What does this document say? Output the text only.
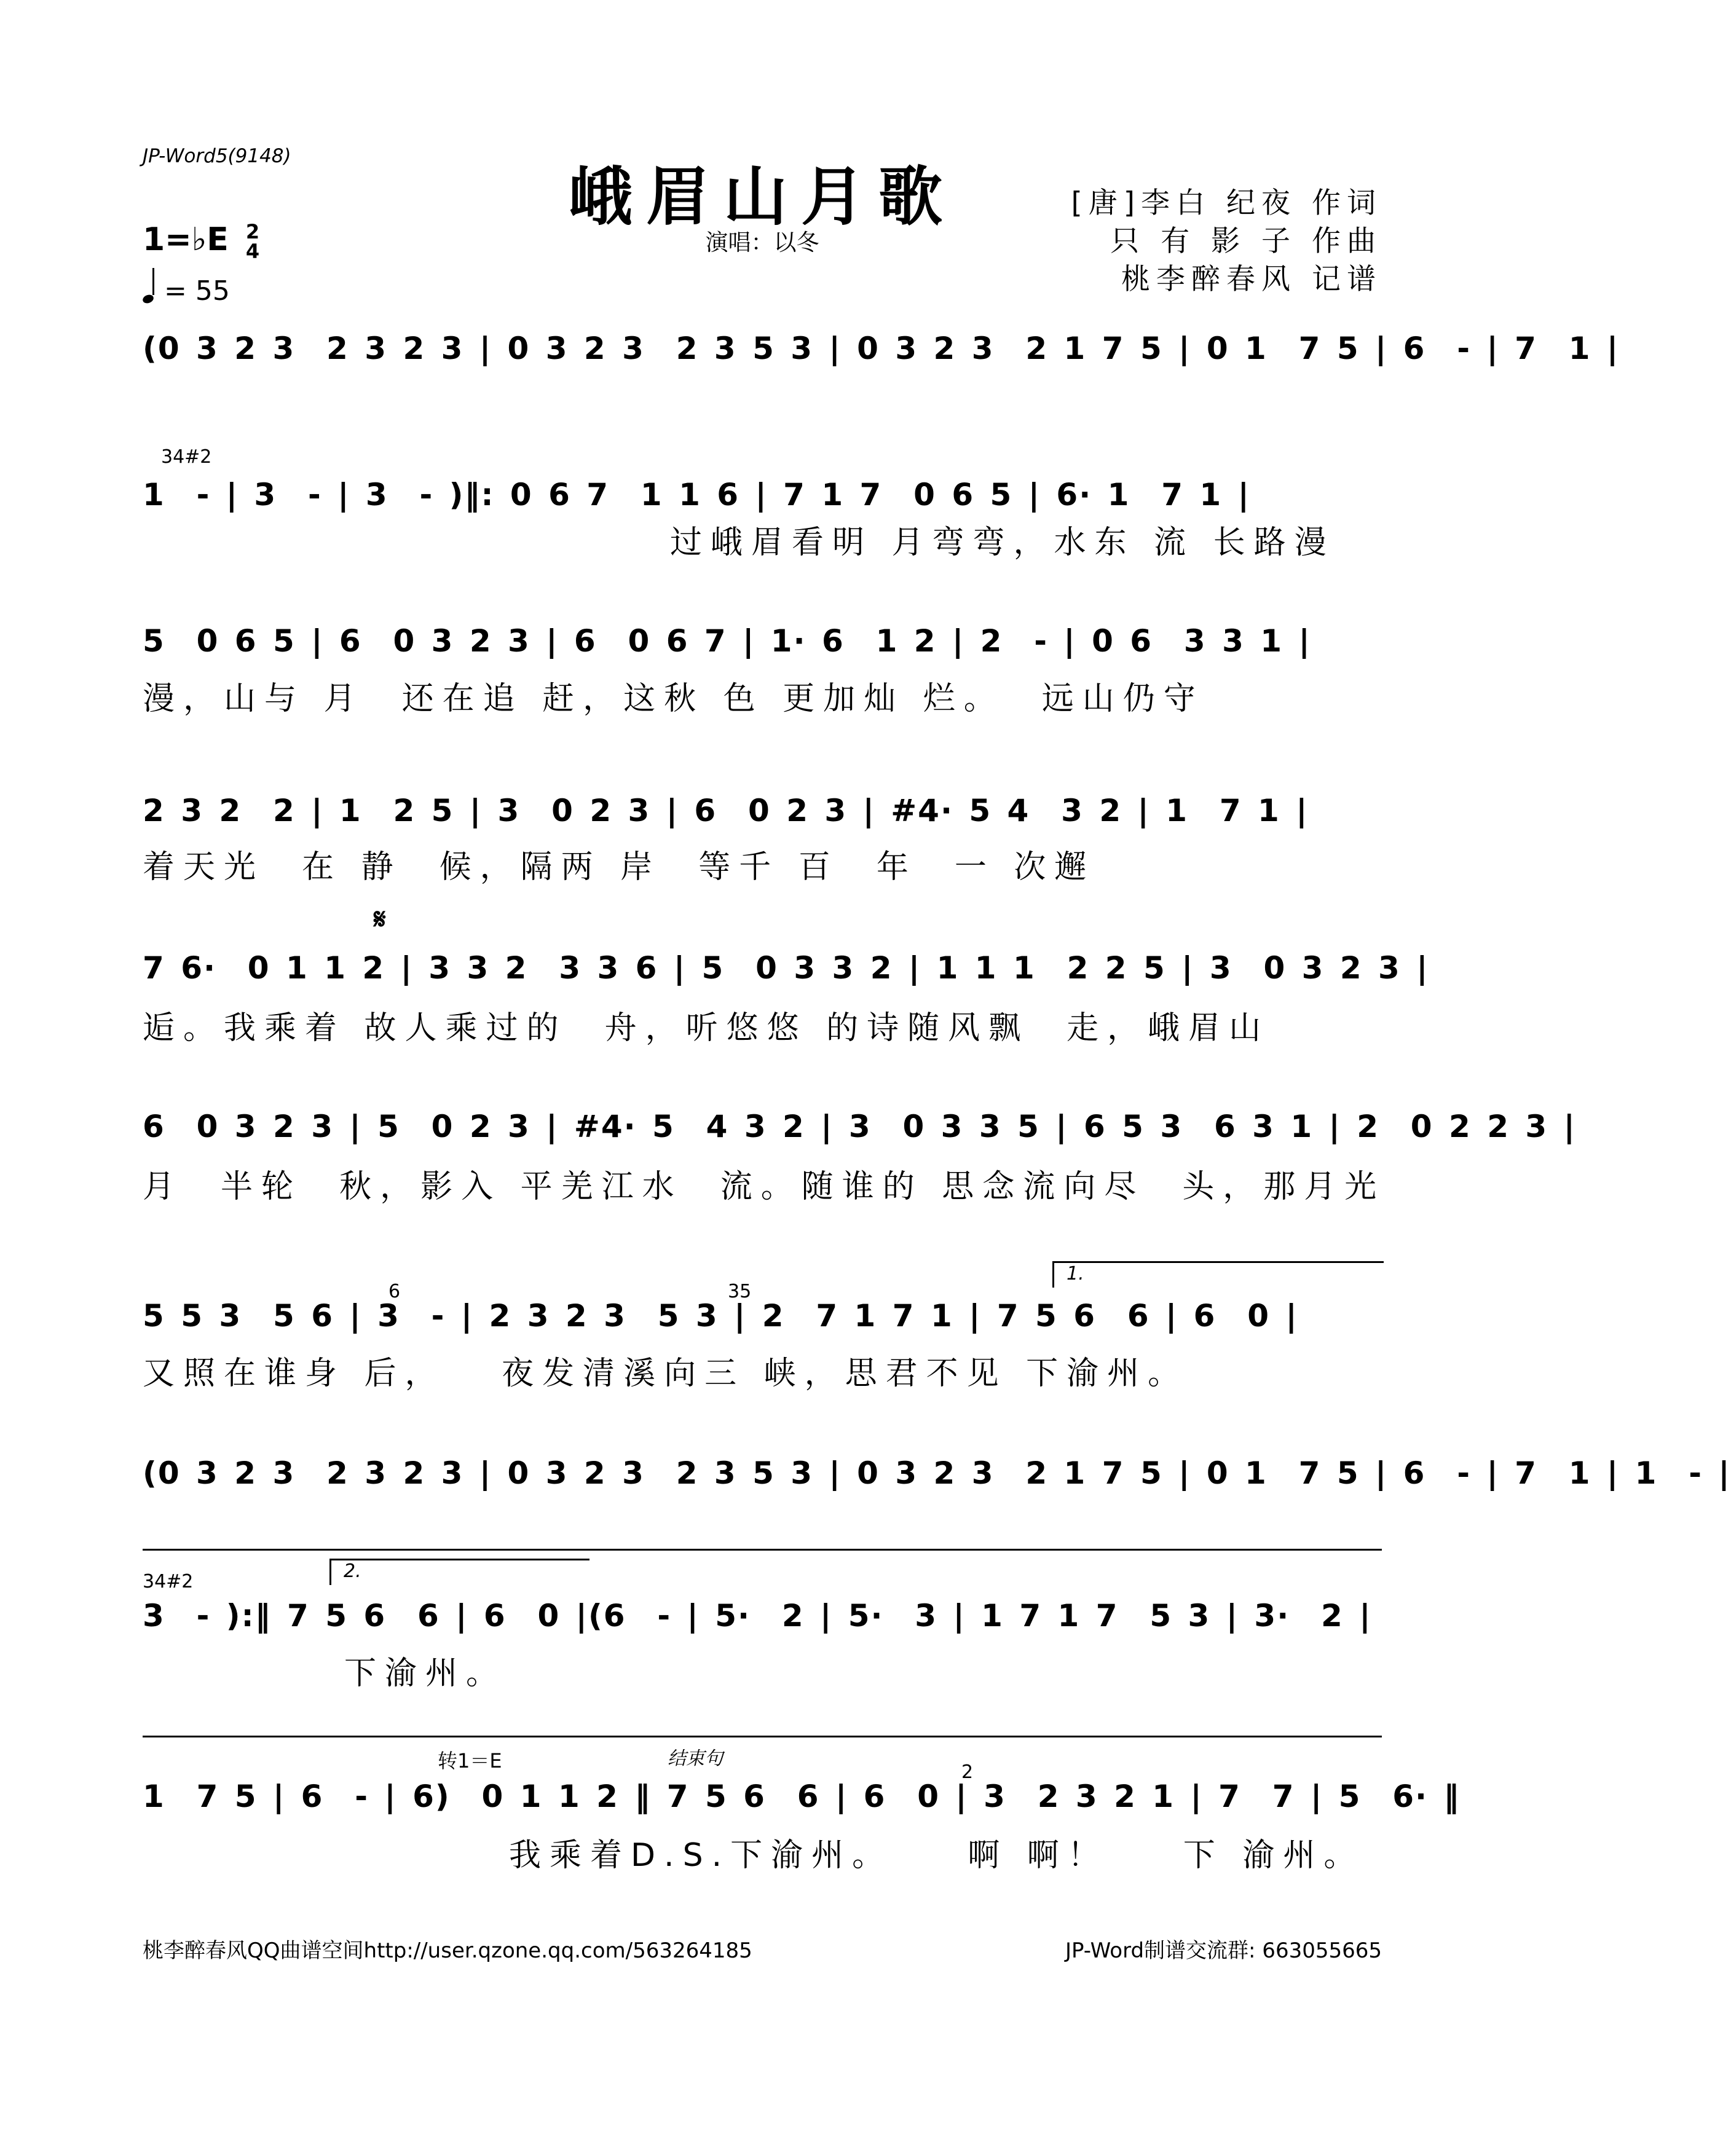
JP-Word5(9148)
峨眉山月歌
演唱：以冬
[唐]李白 纪夜 作词
只 有 影 子 作曲
桃李醉春风 记谱
1=♭E 2
4
= 55
(0 3 2 3  2 3 2 3 | 0 3 2 3  2 3 5 3 | 0 3 2 3  2 1 7 5 | 0 1  7 5 | 6  - | 7  1 |
34#2
1  - | 3  - | 3  - )‖: 0 6 7  1 1 6 | 7 1 7  0 6 5 | 6· 1  7 1 |
过峨眉看明 月弯弯，水东 流 长路漫
5  0 6 5 | 6  0 3 2 3 | 6  0 6 7 | 1· 6  1 2 | 2  - | 0 6  3 3 1 |
漫，山与 月  还在追 赶，这秋 色 更加灿 烂。  远山仍守
2 3 2  2 | 1  2 5 | 3  0 2 3 | 6  0 2 3 | #4· 5 4  3 2 | 1  7 1 |
着天光  在 静  候，隔两 岸  等千 百  年  一 次邂
𝄋
7 6·  0 1 1 2 | 3 3 2  3 3 6 | 5  0 3 3 2 | 1 1 1  2 2 5 | 3  0 3 2 3 |
逅。我乘着 故人乘过的  舟，听悠悠 的诗随风飘  走，峨眉山
6  0 3 2 3 | 5  0 2 3 | #4· 5  4 3 2 | 3  0 3 3 5 | 6 5 3  6 3 1 | 2  0 2 2 3 |
月  半轮  秋，影入 平羌江水  流。随谁的 思念流向尽  头，那月光
1.
6	35
5 5 3  5 6 | 3  - | 2 3 2 3  5 3 | 2  7 1 7 1 | 7 5 6  6 | 6  0 |
又照在谁身 后，   夜发清溪向三 峡，思君不见 下渝州。
(0 3 2 3  2 3 2 3 | 0 3 2 3  2 3 5 3 | 0 3 2 3  2 1 7 5 | 0 1  7 5 | 6  - | 7  1 | 1  - |
34#2	2.
3  - ):‖ 7 5 6  6 | 6  0 |(6  - | 5·  2 | 5·  3 | 1 7 1 7  5 3 | 3·  2 |
下渝州。
转1＝E	结束句
2
1  7 5 | 6  - | 6)  0 1 1 2 ‖ 7 5 6  6 | 6  0 | 3  2 3 2 1 | 7  7 | 5  6· ‖
我乘着D.S.下渝州。    啊 啊！    下 渝州。
桃李醉春风QQ曲谱空间http://user.qzone.qq.com/563264185	JP-Word制谱交流群: 663055665
